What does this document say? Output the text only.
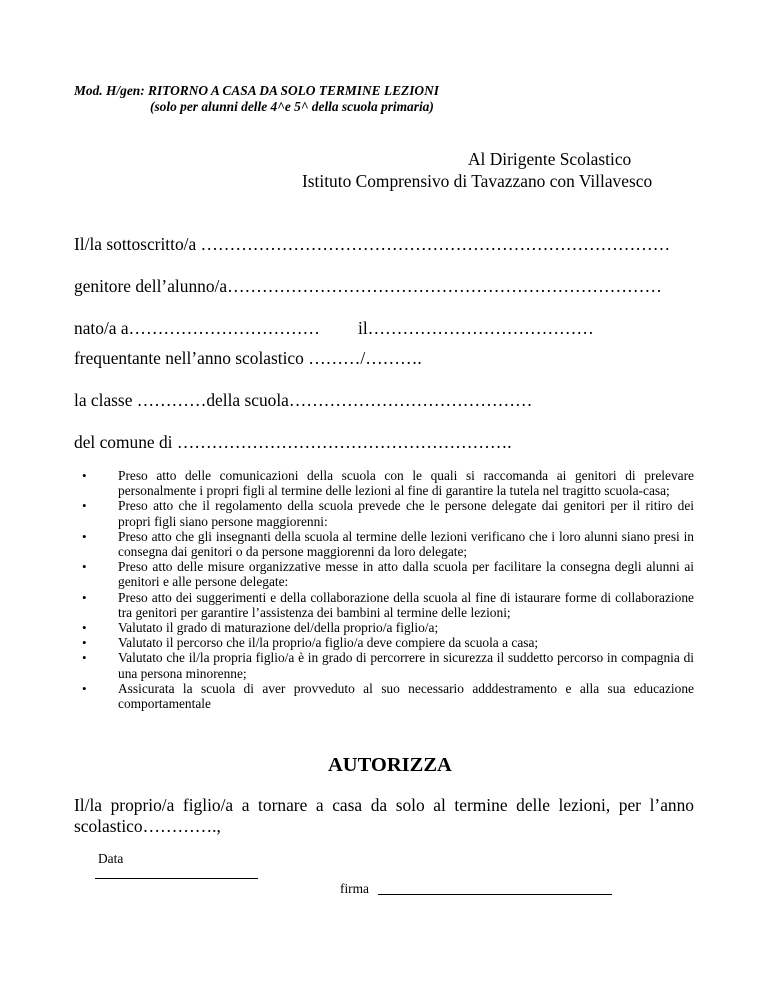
Mod. H/gen: RITORNO A CASA DA SOLO TERMINE LEZIONI
(solo per alunni delle 4^e 5^ della scuola primaria)
Al Dirigente Scolastico
Istituto Comprensivo di Tavazzano con Villavesco
Il/la sottoscritto/a ………………………………………………………………………
genitore dell’alunno/a…………………………………………………………………
nato/a a…………………………… il…………………………………
frequentante nell’anno scolastico ………/……….
la classe …………della scuola……………………………………
del comune di ………………………………………………….
• Preso atto delle comunicazioni della scuola con le quali si raccomanda ai genitori di prelevare personalmente i propri figli al termine delle lezioni al fine di garantire la tutela nel tragitto scuola-casa;
• Preso atto che il regolamento della scuola prevede che le persone delegate dai genitori per il ritiro dei propri figli siano persone maggiorenni:
• Preso atto che gli insegnanti della scuola al termine delle lezioni verificano che i loro alunni siano presi in consegna dai genitori o da persone maggiorenni da loro delegate;
• Preso atto delle misure organizzative messe in atto dalla scuola per facilitare la consegna degli alunni ai genitori e alle persone delegate:
• Preso atto dei suggerimenti e della collaborazione della scuola al fine di istaurare forme di collaborazione tra genitori per garantire l’assistenza dei bambini al termine delle lezioni;
• Valutato il grado di maturazione del/della proprio/a figlio/a;
• Valutato il percorso che il/la proprio/a figlio/a deve compiere da scuola a casa;
• Valutato che il/la propria figlio/a è in grado di percorrere in sicurezza il suddetto percorso in compagnia di una persona minorenne;
• Assicurata la scuola di aver provveduto al suo necessario adddestramento e alla sua educazione comportamentale
AUTORIZZA
Il/la proprio/a figlio/a a tornare a casa da solo al termine delle lezioni, per l’anno scolastico………….,
Data
firma
